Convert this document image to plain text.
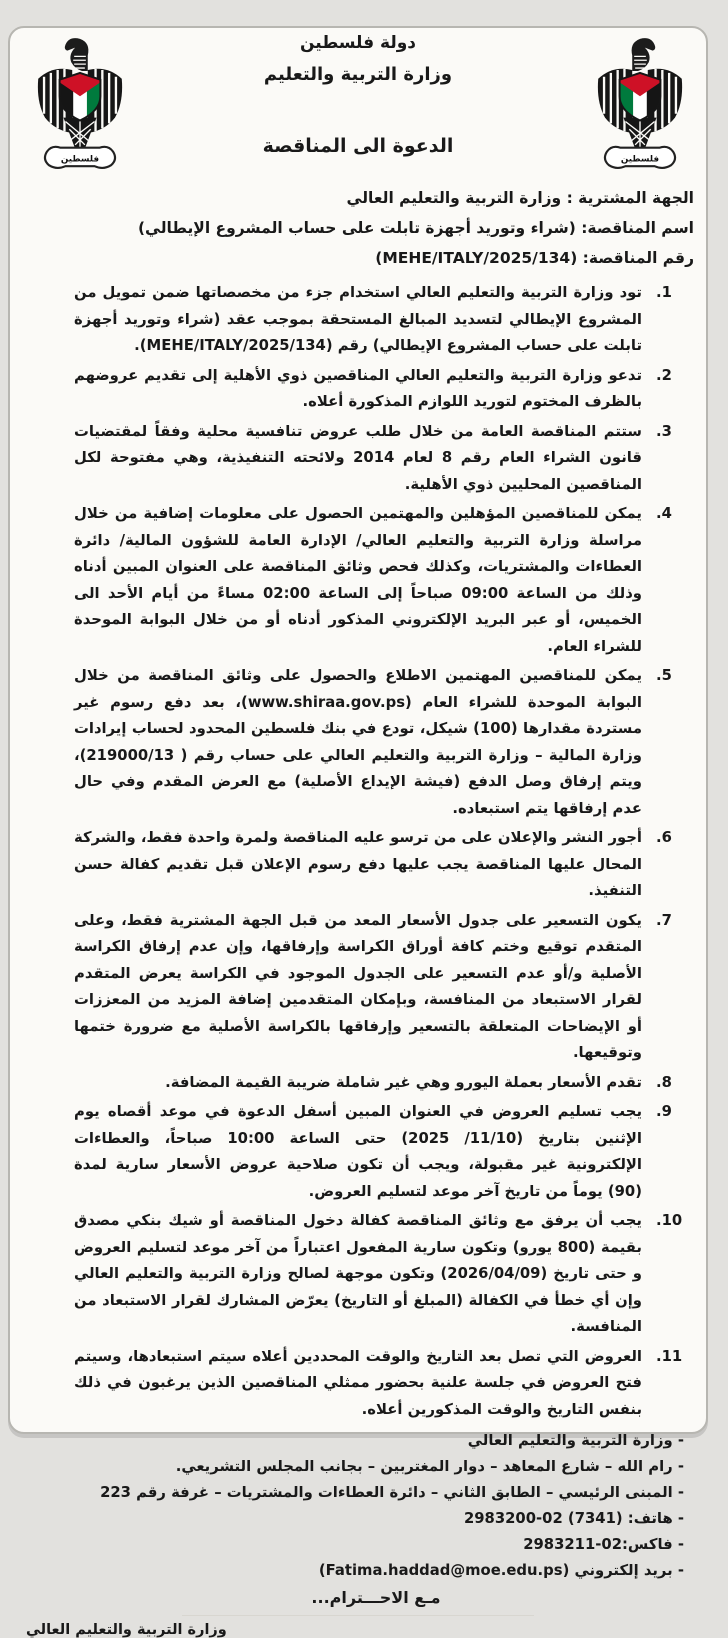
فلسطين	فلسطين
دولة فلسطين
وزارة التربية والتعليم
الدعوة الى المناقصة
الجهة المشترية : وزارة التربية والتعليم العالي
اسم المناقصة: (شراء وتوريد أجهزة تابلت على حساب المشروع الإيطالي)
رقم المناقصة: (MEHE/ITALY/2025/134)
1.
تود وزارة التربية والتعليم العالي استخدام جزء من مخصصاتها ضمن تمويل من المشروع الإيطالي لتسديد المبالغ المستحقة بموجب عقد (شراء وتوريد أجهزة تابلت على حساب المشروع الإيطالي) رقم (MEHE/ITALY/2025/134).
2.
تدعو وزارة التربية والتعليم العالي المناقصين ذوي الأهلية إلى تقديم عروضهم بالظرف المختوم لتوريد اللوازم المذكورة أعلاه.
3.
ستتم المناقصة العامة من خلال طلب عروض تنافسية محلية وفقاً لمقتضيات قانون الشراء العام رقم 8 لعام 2014 ولائحته التنفيذية، وهي مفتوحة لكل المناقصين المحليين ذوي الأهلية.
4.
يمكن للمناقصين المؤهلين والمهتمين الحصول على معلومات إضافية من خلال مراسلة وزارة التربية والتعليم العالي/ الإدارة العامة للشؤون المالية/ دائرة العطاءات والمشتريات، وكذلك فحص وثائق المناقصة على العنوان المبين أدناه وذلك من الساعة 09:00 صباحاً إلى الساعة 02:00 مساءً من أيام الأحد الى الخميس، أو عبر البريد الإلكتروني المذكور أدناه أو من خلال البوابة الموحدة للشراء العام.
5.
يمكن للمناقصين المهتمين الاطلاع والحصول على وثائق المناقصة من خلال البوابة الموحدة للشراء العام (www.shiraa.gov.ps)، بعد دفع رسوم غير مستردة مقدارها (100) شيكل، تودع في بنك فلسطين المحدود لحساب إيرادات وزارة المالية – وزارة التربية والتعليم العالي على حساب رقم ( 219000/13)، ويتم إرفاق وصل الدفع (فيشة الإيداع الأصلية) مع العرض المقدم وفي حال عدم إرفاقها يتم استبعاده.
6.
أجور النشر والإعلان على من ترسو عليه المناقصة ولمرة واحدة فقط، والشركة المحال عليها المناقصة يجب عليها دفع رسوم الإعلان قبل تقديم كفالة حسن التنفيذ.
7.
يكون التسعير على جدول الأسعار المعد من قبل الجهة المشترية فقط، وعلى المتقدم توقيع وختم كافة أوراق الكراسة وإرفاقها، وإن عدم إرفاق الكراسة الأصلية و/أو عدم التسعير على الجدول الموجود في الكراسة يعرض المتقدم لقرار الاستبعاد من المنافسة، وبإمكان المتقدمين إضافة المزيد من المعززات أو الإيضاحات المتعلقة بالتسعير وإرفاقها بالكراسة الأصلية مع ضرورة ختمها وتوقيعها.
8.
تقدم الأسعار بعملة اليورو وهي غير شاملة ضريبة القيمة المضافة.
9.
يجب تسليم العروض في العنوان المبين أسفل الدعوة في موعد أقصاه يوم الإثنين بتاريخ (11/10/ 2025) حتى الساعة 10:00 صباحاً، والعطاءات الإلكترونية غير مقبولة، ويجب أن تكون صلاحية عروض الأسعار سارية لمدة (90) يوماً من تاريخ آخر موعد لتسليم العروض.
10.
يجب أن يرفق مع وثائق المناقصة كفالة دخول المناقصة أو شيك بنكي مصدق بقيمة (800 يورو) وتكون سارية المفعول اعتباراً من آخر موعد لتسليم العروض و حتى تاريخ (2026/04/09) وتكون موجهة لصالح وزارة التربية والتعليم العالي وإن أي خطأ في الكفالة (المبلغ أو التاريخ) يعرّض المشارك لقرار الاستبعاد من المنافسة.
11.
العروض التي تصل بعد التاريخ والوقت المحددين أعلاه سيتم استبعادها، وسيتم فتح العروض في جلسة علنية بحضور ممثلي المناقصين الذين يرغبون في ذلك بنفس التاريخ والوقت المذكورين أعلاه.
- وزارة التربية والتعليم العالي
- رام الله – شارع المعاهد – دوار المغتربين – بجانب المجلس التشريعي.
- المبنى الرئيسي – الطابق الثاني – دائرة العطاءات والمشتريات – غرفة رقم 223
- هاتف: (7341) 02-2983200
- فاكس:02-2983211
- بريد إلكتروني (Fatima.haddad@moe.edu.ps)
مـع الاحـــترام...
وزارة التربية والتعليم العالي
